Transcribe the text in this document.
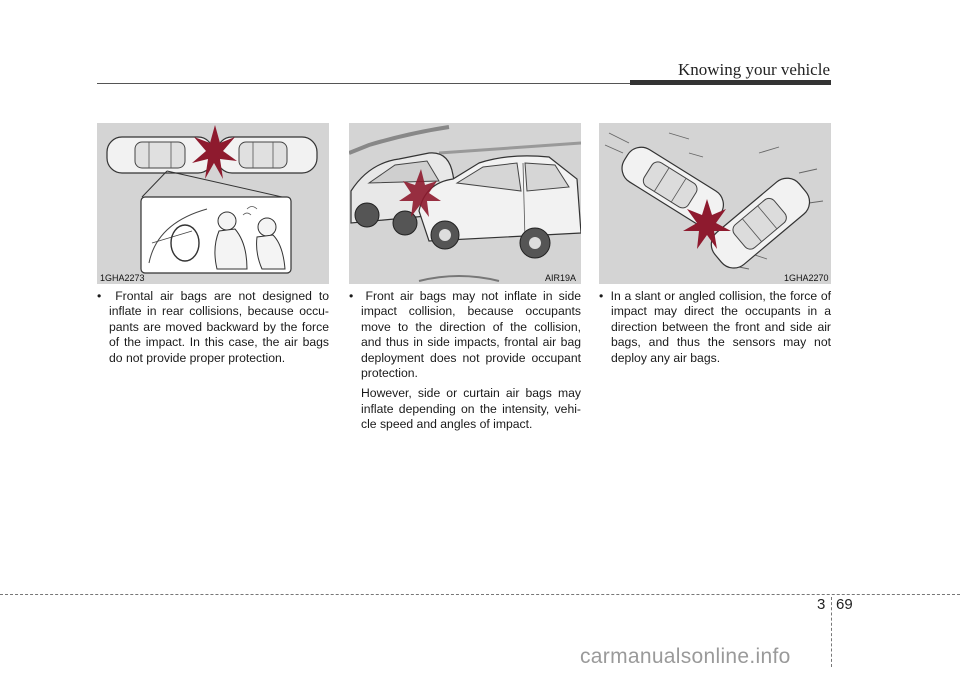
Knowing your vehicle
1GHA2273	AIR19A	1GHA2270

• Frontal air bags are not designed to inflate in rear collisions, because occu-pants are moved backward by the force of the impact. In this case, the air bags do not provide proper protection.

• Front air bags may not inflate in side impact collision, because occupants move to the direction of the collision, and thus in side impacts, frontal air bag deployment does not provide occupant protection.

However, side or curtain air bags may inflate depending on the intensity, vehi-cle speed and angles of impact.

• In a slant or angled collision, the force of impact may direct the occupants in a direction between the front and side air bags, and thus the sensors may not deploy any air bags.

3 69
carmanualsonline.info
